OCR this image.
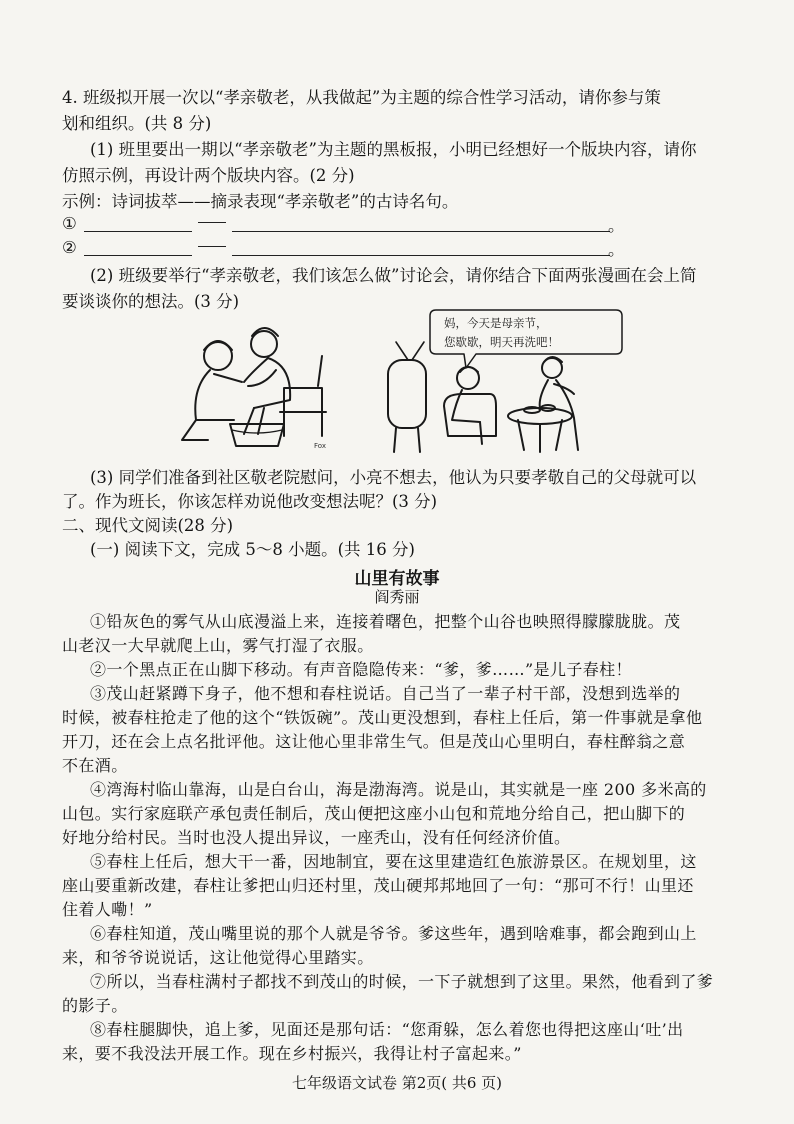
4. 班级拟开展一次以“孝亲敬老，从我做起”为主题的综合性学习活动，请你参与策
划和组织。(共 8 分)
(1) 班里要出一期以“孝亲敬老”为主题的黑板报，小明已经想好一个版块内容，请你
仿照示例，再设计两个版块内容。(2 分)
示例：诗词拔萃——摘录表现“孝亲敬老”的古诗名句。
①	。
②	。
(2) 班级要举行“孝亲敬老，我们该怎么做”讨论会，请你结合下面两张漫画在会上简
要谈谈你的想法。(3 分)
Fox
妈，今天是母亲节，
您歇歇，明天再洗吧！
(3) 同学们准备到社区敬老院慰问，小亮不想去，他认为只要孝敬自己的父母就可以
了。作为班长，你该怎样劝说他改变想法呢？(3 分)
二、现代文阅读(28 分)
(一) 阅读下文，完成 5～8 小题。(共 16 分)
山里有故事
阎秀丽
①铅灰色的雾气从山底漫溢上来，连接着曙色，把整个山谷也映照得朦朦胧胧。茂
山老汉一大早就爬上山，雾气打湿了衣服。
②一个黑点正在山脚下移动。有声音隐隐传来：“爹，爹……”是儿子春柱！
③茂山赶紧蹲下身子，他不想和春柱说话。自己当了一辈子村干部，没想到选举的
时候，被春柱抢走了他的这个“铁饭碗”。茂山更没想到，春柱上任后，第一件事就是拿他
开刀，还在会上点名批评他。这让他心里非常生气。但是茂山心里明白，春柱醉翁之意
不在酒。
④湾海村临山靠海，山是白台山，海是渤海湾。说是山，其实就是一座 200 多米高的
山包。实行家庭联产承包责任制后，茂山便把这座小山包和荒地分给自己，把山脚下的
好地分给村民。当时也没人提出异议，一座秃山，没有任何经济价值。
⑤春柱上任后，想大干一番，因地制宜，要在这里建造红色旅游景区。在规划里，这
座山要重新改建，春柱让爹把山归还村里，茂山硬邦邦地回了一句：“那可不行！山里还
住着人嘞！”
⑥春柱知道，茂山嘴里说的那个人就是爷爷。爹这些年，遇到啥难事，都会跑到山上
来，和爷爷说说话，这让他觉得心里踏实。
⑦所以，当春柱满村子都找不到茂山的时候，一下子就想到了这里。果然，他看到了爹
的影子。
⑧春柱腿脚快，追上爹，见面还是那句话：“您甭躲，怎么着您也得把这座山‘吐’出
来，要不我没法开展工作。现在乡村振兴，我得让村子富起来。”
七年级语文试卷 第2页( 共6 页)
